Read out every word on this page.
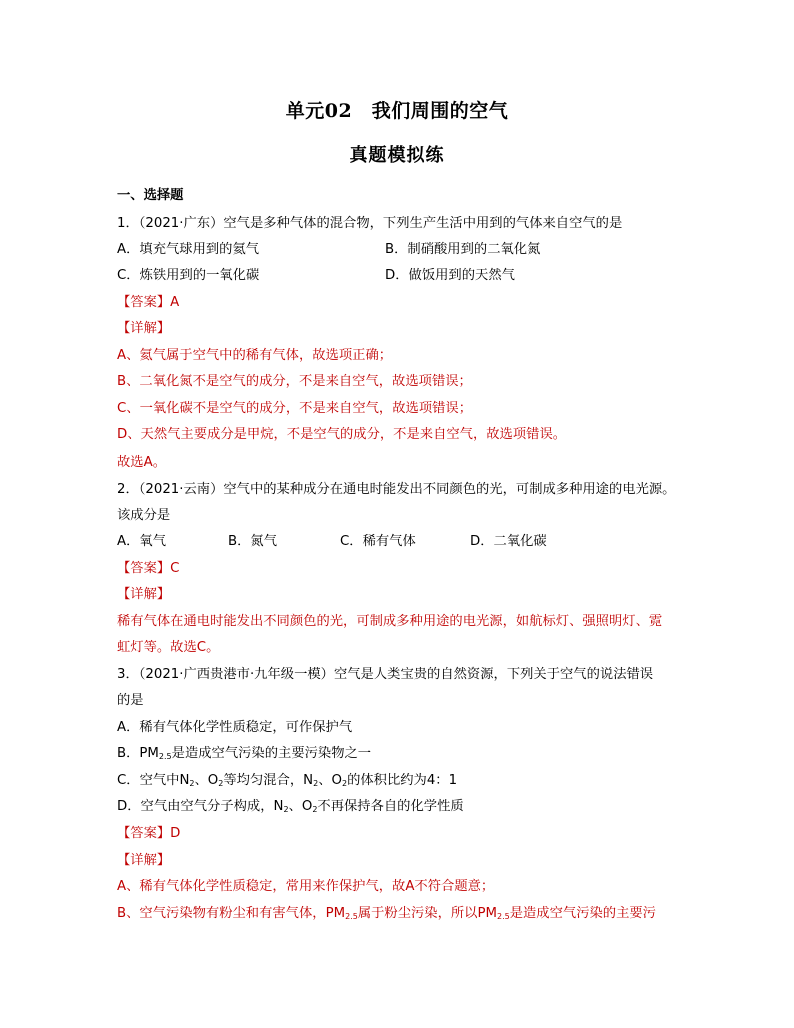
单元02　我们周围的空气
真题模拟练
一、选择题
1．（2021·广东）空气是多种气体的混合物，下列生产生活中用到的气体来自空气的是
A．填充气球用到的氦气	B．制硝酸用到的二氧化氮
C．炼铁用到的一氧化碳	D．做饭用到的天然气
【答案】A
【详解】
A、氦气属于空气中的稀有气体，故选项正确；
B、二氧化氮不是空气的成分，不是来自空气，故选项错误；
C、一氧化碳不是空气的成分，不是来自空气，故选项错误；
D、天然气主要成分是甲烷，不是空气的成分，不是来自空气，故选项错误。
故选A。
2．（2021·云南）空气中的某种成分在通电时能发出不同颜色的光，可制成多种用途的电光源。
该成分是
A．氧气	B．氮气	C．稀有气体	D．二氧化碳
【答案】C
【详解】
稀有气体在通电时能发出不同颜色的光，可制成多种用途的电光源，如航标灯、强照明灯、霓
虹灯等。故选C。
3．（2021·广西贵港市·九年级一模）空气是人类宝贵的自然资源，下列关于空气的说法错误
的是
A．稀有气体化学性质稳定，可作保护气
B．$PM_{2.5}$是造成空气污染的主要污染物之一
C．空气中$N_2$、$O_2$等均匀混合，$N_2$、$O_2$的体积比约为4：1
D．空气由空气分子构成，$N_2$、$O_2$不再保持各自的化学性质
【答案】D
【详解】
A、稀有气体化学性质稳定，常用来作保护气，故A不符合题意；
B、空气污染物有粉尘和有害气体，$PM_{2.5}$属于粉尘污染，所以$PM_{2.5}$是造成空气污染的主要污
